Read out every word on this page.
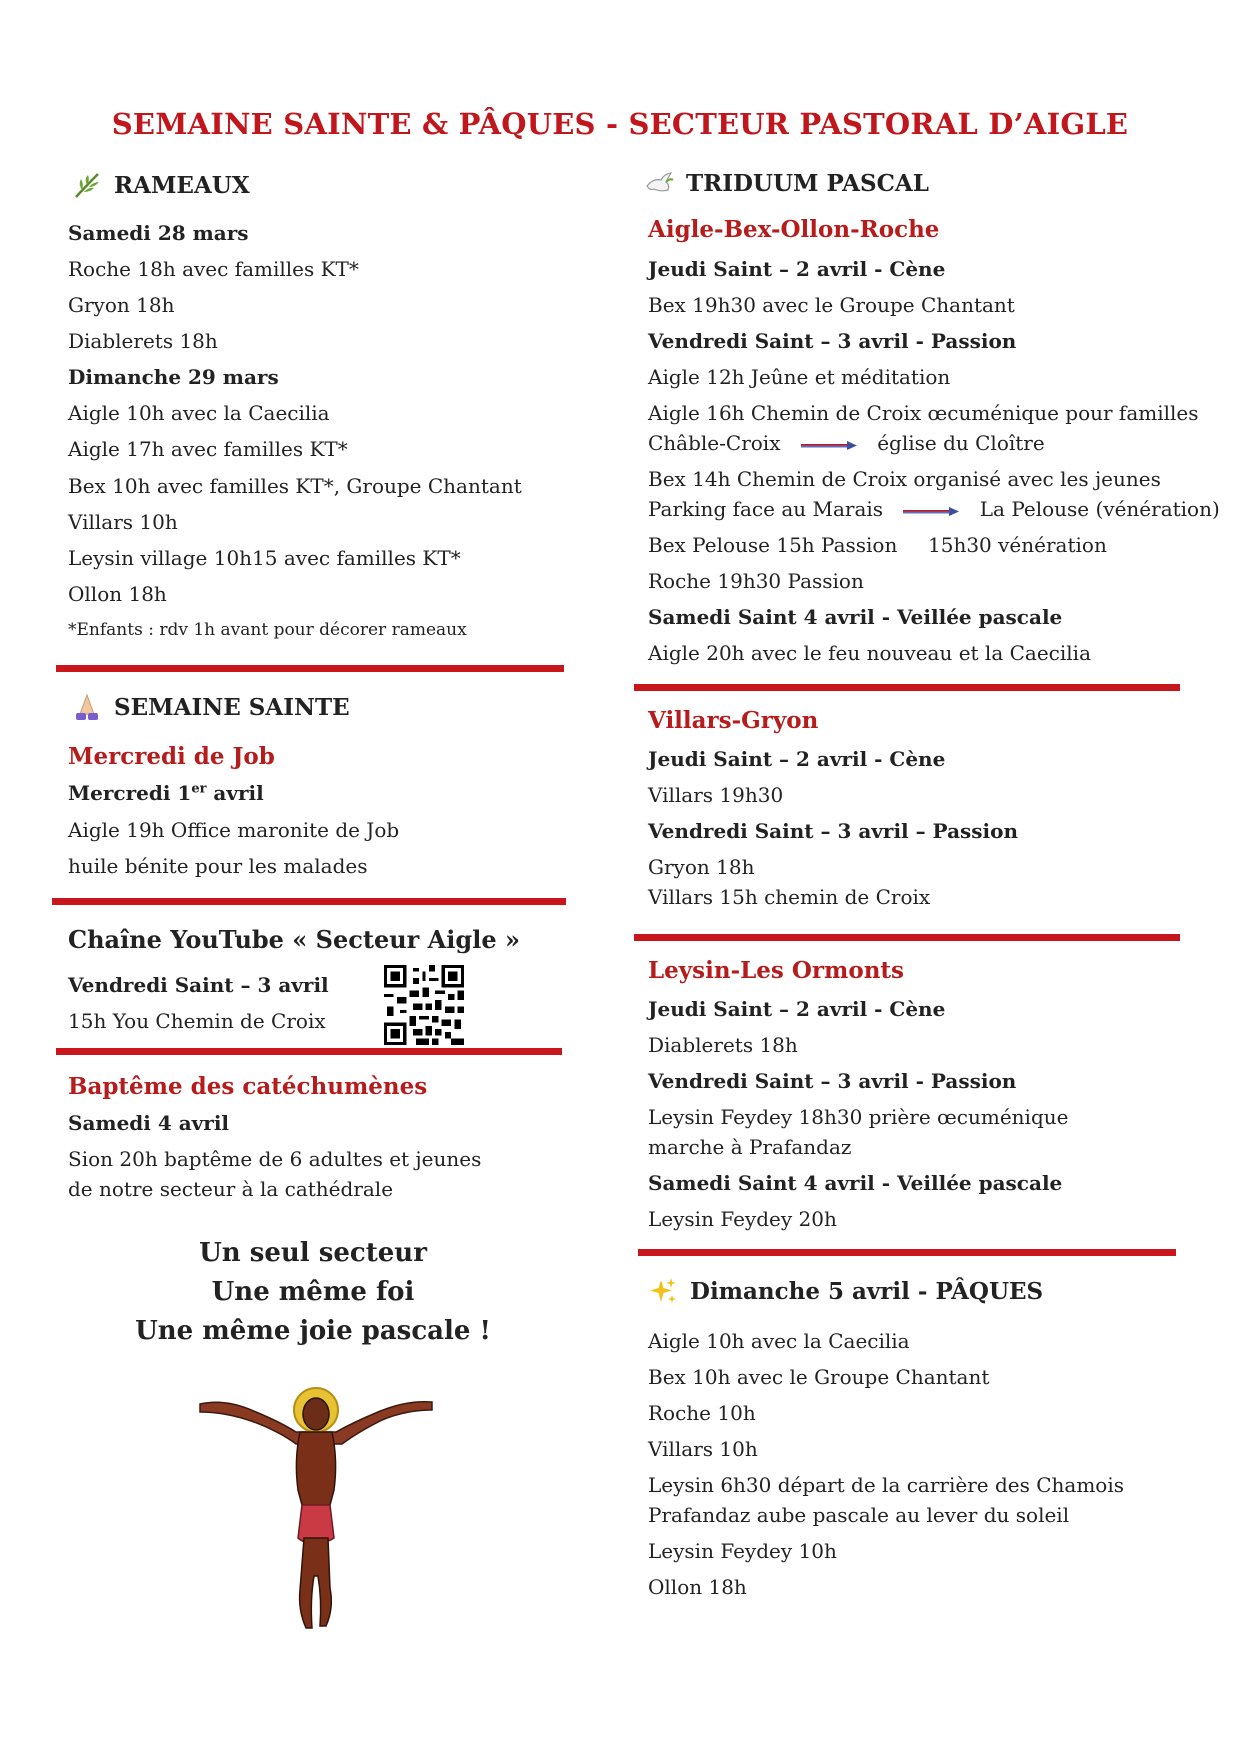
SEMAINE SAINTE & PÂQUES - SECTEUR PASTORAL D’AIGLE
RAMEAUX
Samedi 28 mars
Roche 18h avec familles KT*
Gryon 18h
Diablerets 18h
Dimanche 29 mars
Aigle 10h avec la Caecilia
Aigle 17h avec familles KT*
Bex 10h avec familles KT*, Groupe Chantant
Villars 10h
Leysin village 10h15 avec familles KT*
Ollon 18h
*Enfants : rdv 1h avant pour décorer rameaux
SEMAINE SAINTE
Mercredi de Job
Mercredi 1er avril
Aigle 19h Office maronite de Job
huile bénite pour les malades
Chaîne YouTube « Secteur Aigle »
Vendredi Saint – 3 avril
15h You Chemin de Croix
Baptême des catéchumènes
Samedi 4 avril
Sion 20h baptême de 6 adultes et jeunes
de notre secteur à la cathédrale
Un seul secteur
Une même foi
Une même joie pascale !
TRIDUUM PASCAL
Aigle-Bex-Ollon-Roche
Jeudi Saint – 2 avril - Cène
Bex 19h30 avec le Groupe Chantant
Vendredi Saint – 3 avril - Passion
Aigle 12h Jeûne et méditation
Aigle 16h Chemin de Croix œcuménique pour familles
Châble-Croix	église du Cloître
Bex 14h Chemin de Croix organisé avec les jeunes
Parking face au Marais	La Pelouse (vénération)
Bex Pelouse 15h Passion 15h30 vénération
Roche 19h30 Passion
Samedi Saint 4 avril - Veillée pascale
Aigle 20h avec le feu nouveau et la Caecilia
Villars-Gryon
Jeudi Saint – 2 avril - Cène
Villars 19h30
Vendredi Saint – 3 avril – Passion
Gryon 18h
Villars 15h chemin de Croix
Leysin-Les Ormonts
Jeudi Saint – 2 avril - Cène
Diablerets 18h
Vendredi Saint – 3 avril - Passion
Leysin Feydey 18h30 prière œcuménique
marche à Prafandaz
Samedi Saint 4 avril - Veillée pascale
Leysin Feydey 20h
Dimanche 5 avril - PÂQUES
Aigle 10h avec la Caecilia
Bex 10h avec le Groupe Chantant
Roche 10h
Villars 10h
Leysin 6h30 départ de la carrière des Chamois
Prafandaz aube pascale au lever du soleil
Leysin Feydey 10h
Ollon 18h
